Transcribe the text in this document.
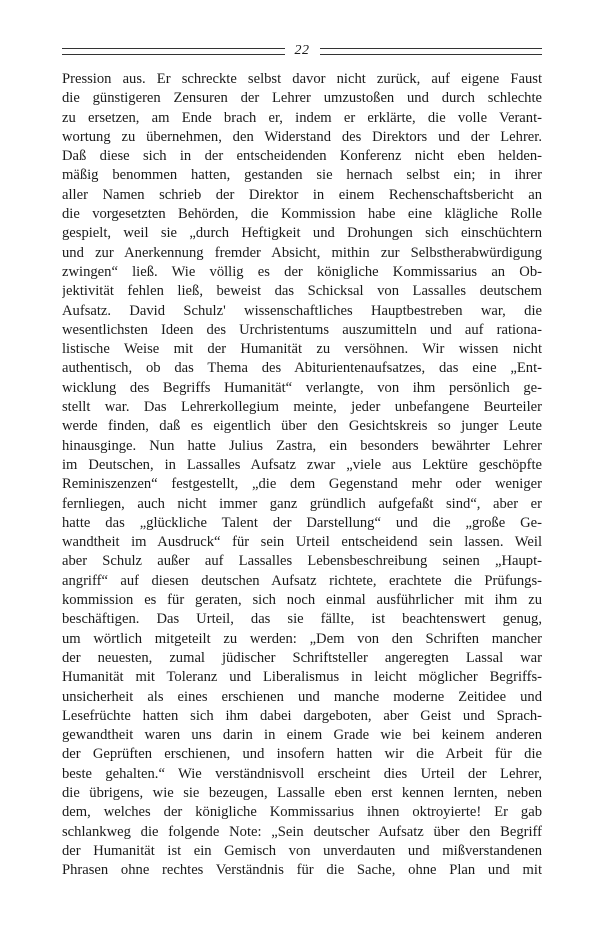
22
Pression aus. Er schreckte selbst davor nicht zurück, auf eigene Faust
die günstigeren Zensuren der Lehrer umzustoßen und durch schlechte
zu ersetzen, am Ende brach er, indem er erklärte, die volle Verant-
wortung zu übernehmen, den Widerstand des Direktors und der Lehrer.
Daß diese sich in der entscheidenden Konferenz nicht eben helden-
mäßig benommen hatten, gestanden sie hernach selbst ein; in ihrer
aller Namen schrieb der Direktor in einem Rechenschaftsbericht an
die vorgesetzten Behörden, die Kommission habe eine klägliche Rolle
gespielt, weil sie „durch Heftigkeit und Drohungen sich einschüchtern
und zur Anerkennung fremder Absicht, mithin zur Selbstherabwürdigung
zwingen“ ließ. Wie völlig es der königliche Kommissarius an Ob-
jektivität fehlen ließ, beweist das Schicksal von Lassalles deutschem
Aufsatz. David Schulz' wissenschaftliches Hauptbestreben war, die
wesentlichsten Ideen des Urchristentums auszumitteln und auf rationa-
listische Weise mit der Humanität zu versöhnen. Wir wissen nicht
authentisch, ob das Thema des Abiturientenaufsatzes, das eine „Ent-
wicklung des Begriffs Humanität“ verlangte, von ihm persönlich ge-
stellt war. Das Lehrerkollegium meinte, jeder unbefangene Beurteiler
werde finden, daß es eigentlich über den Gesichtskreis so junger Leute
hinausginge. Nun hatte Julius Zastra, ein besonders bewährter Lehrer
im Deutschen, in Lassalles Aufsatz zwar „viele aus Lektüre geschöpfte
Reminiszenzen“ festgestellt, „die dem Gegenstand mehr oder weniger
fernliegen, auch nicht immer ganz gründlich aufgefaßt sind“, aber er
hatte das „glückliche Talent der Darstellung“ und die „große Ge-
wandtheit im Ausdruck“ für sein Urteil entscheidend sein lassen. Weil
aber Schulz außer auf Lassalles Lebensbeschreibung seinen „Haupt-
angriff“ auf diesen deutschen Aufsatz richtete, erachtete die Prüfungs-
kommission es für geraten, sich noch einmal ausführlicher mit ihm zu
beschäftigen. Das Urteil, das sie fällte, ist beachtenswert genug,
um wörtlich mitgeteilt zu werden: „Dem von den Schriften mancher
der neuesten, zumal jüdischer Schriftsteller angeregten Lassal war
Humanität mit Toleranz und Liberalismus in leicht möglicher Begriffs-
unsicherheit als eines erschienen und manche moderne Zeitidee und
Lesefrüchte hatten sich ihm dabei dargeboten, aber Geist und Sprach-
gewandtheit waren uns darin in einem Grade wie bei keinem anderen
der Geprüften erschienen, und insofern hatten wir die Arbeit für die
beste gehalten.“ Wie verständnisvoll erscheint dies Urteil der Lehrer,
die übrigens, wie sie bezeugen, Lassalle eben erst kennen lernten, neben
dem, welches der königliche Kommissarius ihnen oktroyierte! Er gab
schlankweg die folgende Note: „Sein deutscher Aufsatz über den Begriff
der Humanität ist ein Gemisch von unverdauten und mißverstandenen
Phrasen ohne rechtes Verständnis für die Sache, ohne Plan und mit
